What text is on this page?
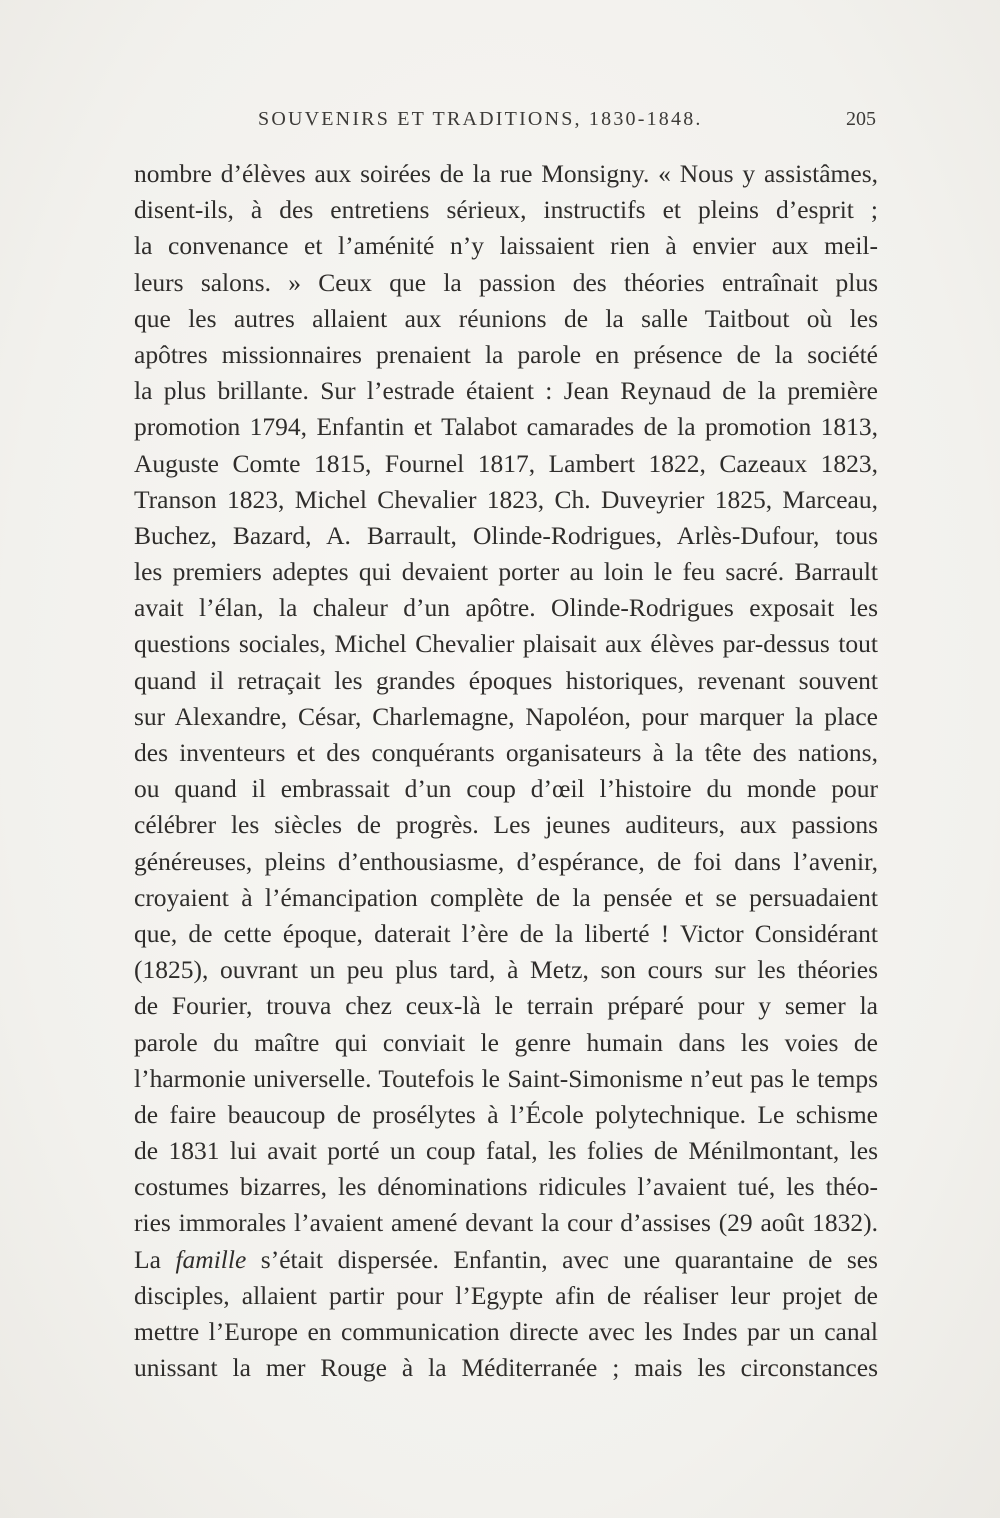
SOUVENIRS ET TRADITIONS, 1830-1848.	205
nombre d’élèves aux soirées de la rue Monsigny. « Nous y assistâmes,
disent-ils, à des entretiens sérieux, instructifs et pleins d’esprit ;
la convenance et l’aménité n’y laissaient rien à envier aux meil-
leurs salons. » Ceux que la passion des théories entraînait plus
que les autres allaient aux réunions de la salle Taitbout où les
apôtres missionnaires prenaient la parole en présence de la société
la plus brillante. Sur l’estrade étaient : Jean Reynaud de la première
promotion 1794, Enfantin et Talabot camarades de la promotion 1813,
Auguste Comte 1815, Fournel 1817, Lambert 1822, Cazeaux 1823,
Transon 1823, Michel Chevalier 1823, Ch. Duveyrier 1825, Marceau,
Buchez, Bazard, A. Barrault, Olinde-Rodrigues, Arlès-Dufour, tous
les premiers adeptes qui devaient porter au loin le feu sacré. Barrault
avait l’élan, la chaleur d’un apôtre. Olinde-Rodrigues exposait les
questions sociales, Michel Chevalier plaisait aux élèves par-dessus tout
quand il retraçait les grandes époques historiques, revenant souvent
sur Alexandre, César, Charlemagne, Napoléon, pour marquer la place
des inventeurs et des conquérants organisateurs à la tête des nations,
ou quand il embrassait d’un coup d’œil l’histoire du monde pour
célébrer les siècles de progrès. Les jeunes auditeurs, aux passions
généreuses, pleins d’enthousiasme, d’espérance, de foi dans l’avenir,
croyaient à l’émancipation complète de la pensée et se persuadaient
que, de cette époque, daterait l’ère de la liberté ! Victor Considérant
(1825), ouvrant un peu plus tard, à Metz, son cours sur les théories
de Fourier, trouva chez ceux-là le terrain préparé pour y semer la
parole du maître qui conviait le genre humain dans les voies de
l’harmonie universelle. Toutefois le Saint-Simonisme n’eut pas le temps
de faire beaucoup de prosélytes à l’École polytechnique. Le schisme
de 1831 lui avait porté un coup fatal, les folies de Ménilmontant, les
costumes bizarres, les dénominations ridicules l’avaient tué, les théo-
ries immorales l’avaient amené devant la cour d’assises (29 août 1832).
La famille s’était dispersée. Enfantin, avec une quarantaine de ses
disciples, allaient partir pour l’Egypte afin de réaliser leur projet de
mettre l’Europe en communication directe avec les Indes par un canal
unissant la mer Rouge à la Méditerranée ; mais les circonstances
